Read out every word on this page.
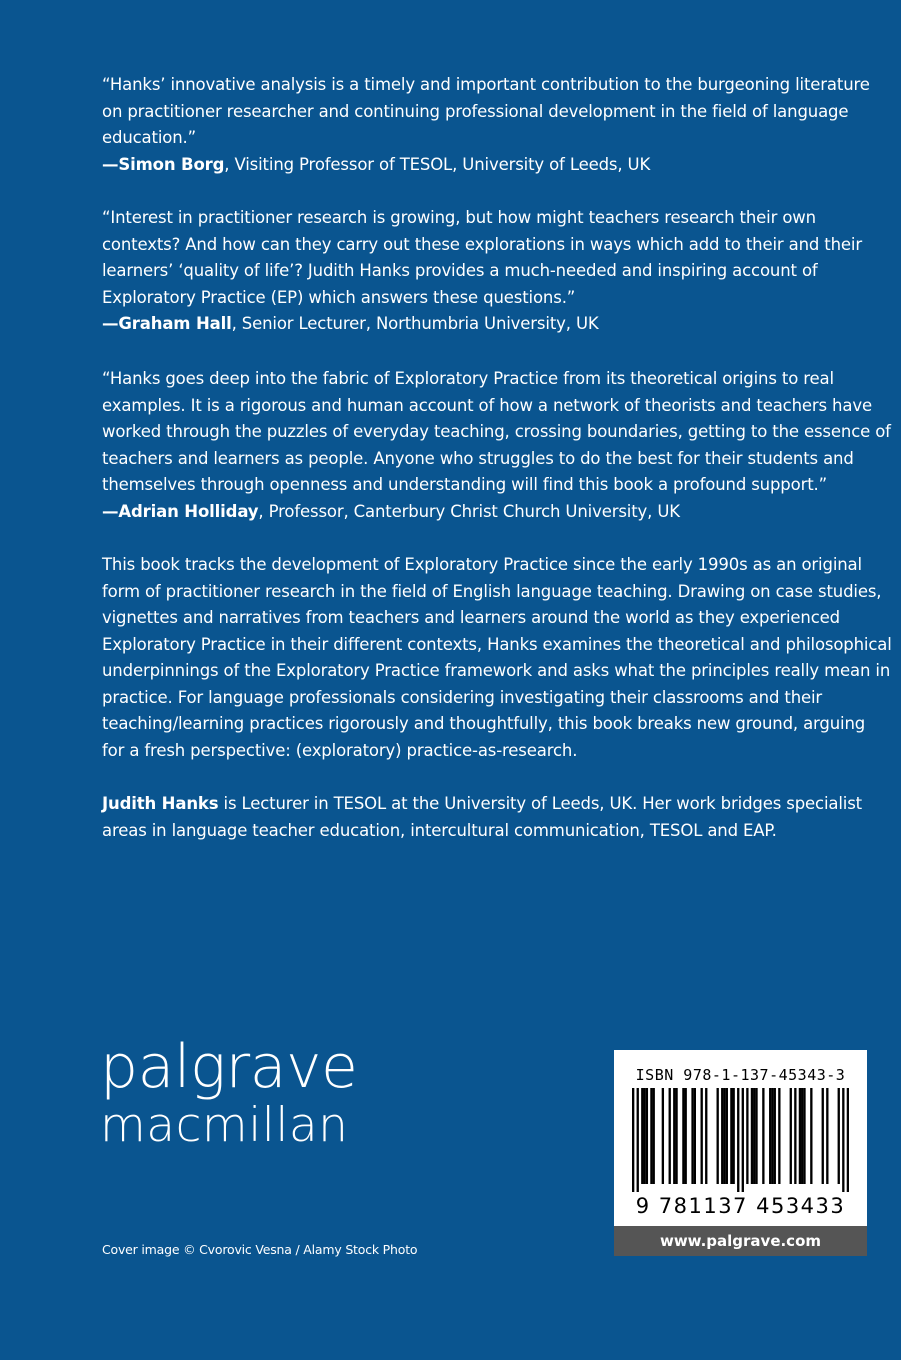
“Hanks’ innovative analysis is a timely and important contribution to the burgeoning literature on practitioner researcher and continuing professional development in the field of language education.”

—Simon Borg, Visiting Professor of TESOL, University of Leeds, UK

“Interest in practitioner research is growing, but how might teachers research their own contexts? And how can they carry out these explorations in ways which add to their and their learners’ ‘quality of life’? Judith Hanks provides a much-needed and inspiring account of Exploratory Practice (EP) which answers these questions.”

—Graham Hall, Senior Lecturer, Northumbria University, UK

“Hanks goes deep into the fabric of Exploratory Practice from its theoretical origins to real examples. It is a rigorous and human account of how a network of theorists and teachers have worked through the puzzles of everyday teaching, crossing boundaries, getting to the essence of teachers and learners as people. Anyone who struggles to do the best for their students and themselves through openness and understanding will find this book a profound support.”

—Adrian Holliday, Professor, Canterbury Christ Church University, UK

This book tracks the development of Exploratory Practice since the early 1990s as an original form of practitioner research in the field of English language teaching. Drawing on case studies, vignettes and narratives from teachers and learners around the world as they experienced Exploratory Practice in their different contexts, Hanks examines the theoretical and philosophical underpinnings of the Exploratory Practice framework and asks what the principles really mean in practice. For language professionals considering investigating their classrooms and their teaching/learning practices rigorously and thoughtfully, this book breaks new ground, arguing for a fresh perspective: (exploratory) practice-as-research.

Judith Hanks is Lecturer in TESOL at the University of Leeds, UK. Her work bridges specialist areas in language teacher education, intercultural communication, TESOL and EAP.

palgrave
macmillan
Cover image © Cvorovic Vesna / Alamy Stock Photo
ISBN 978-1-137-45343-3
9 781137 453433
www.palgrave.com
